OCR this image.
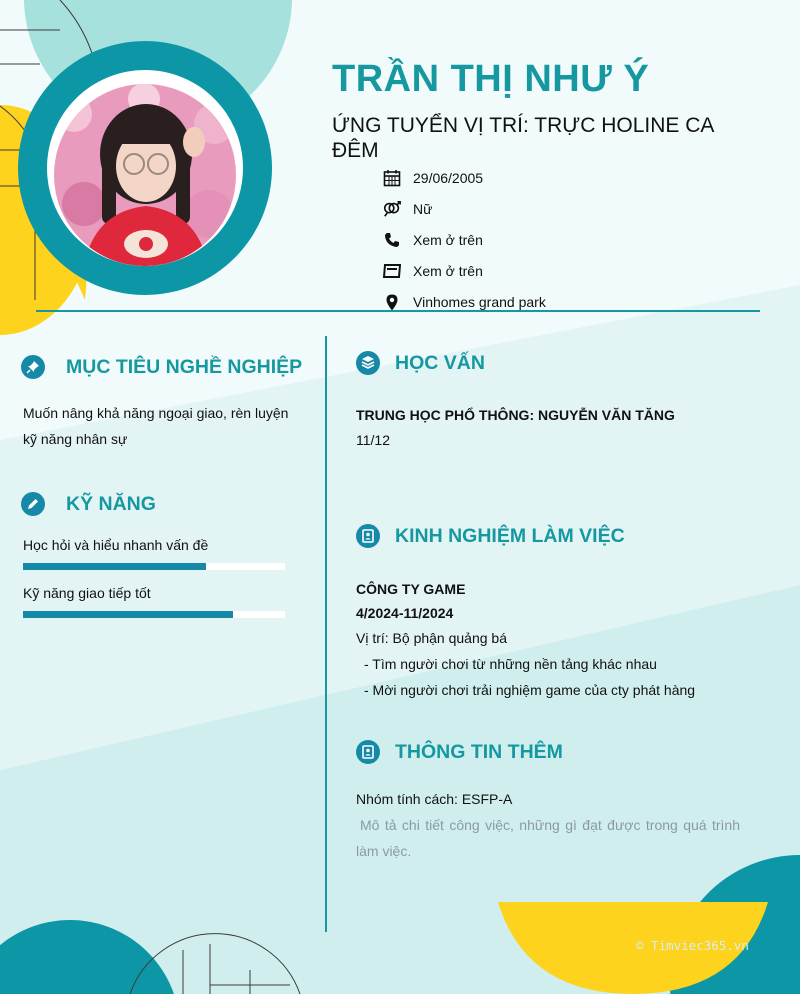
TRẦN THỊ NHƯ Ý
ỨNG TUYỂN VỊ TRÍ: TRỰC HOLINE CA ĐÊM
29/06/2005
Nữ
Xem ở trên
Xem ở trên
Vinhomes grand park
MỤC TIÊU NGHỀ NGHIỆP
Muốn nâng khả năng ngoại giao, rèn luyện kỹ năng nhân sự
KỸ NĂNG
Học hỏi và hiểu nhanh vấn đề
Kỹ năng giao tiếp tốt
HỌC VẤN
TRUNG HỌC PHỔ THÔNG: NGUYỄN VĂN TĂNG
11/12
KINH NGHIỆM LÀM VIỆC
CÔNG TY GAME
4/2024-11/2024
Vị trí: Bộ phận quảng bá
- Tìm người chơi từ những nền tảng khác nhau
- Mời người chơi trải nghiệm game của cty phát hàng
THÔNG TIN THÊM
Nhóm tính cách: ESFP-A
Mô tả chi tiết công việc, những gì đạt được trong quá trình làm việc.
© Timviec365.vn
